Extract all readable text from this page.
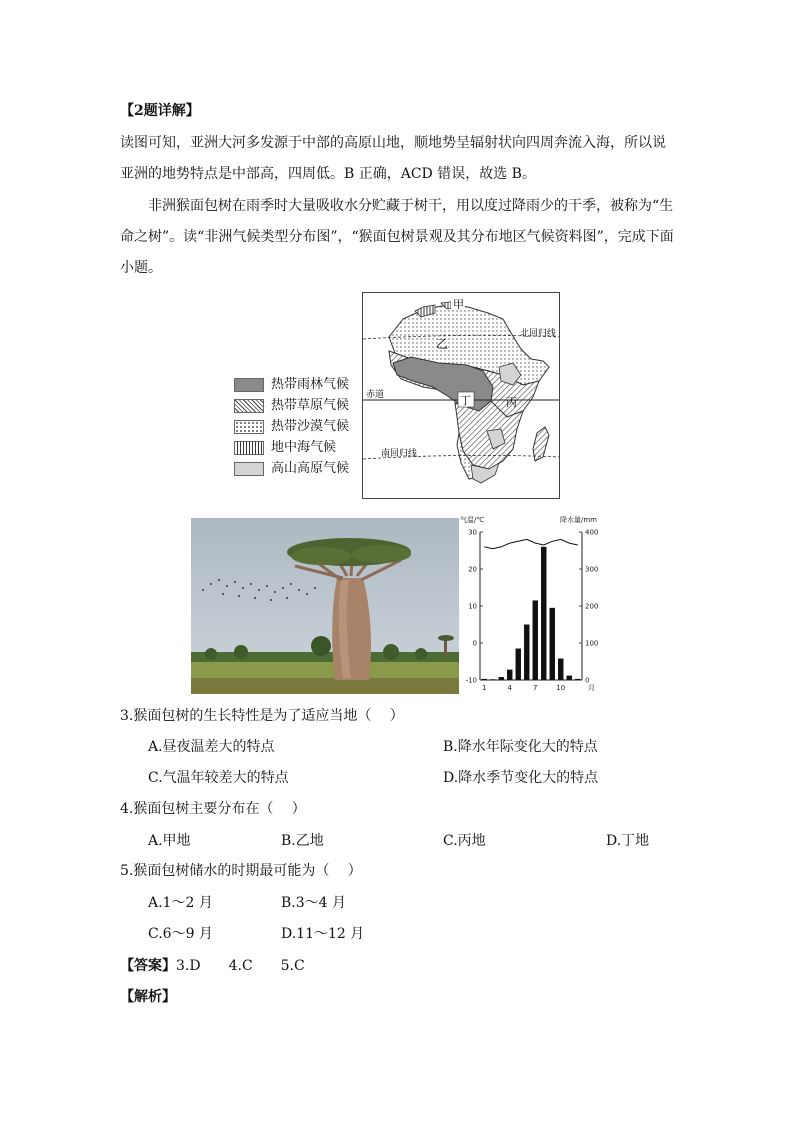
【2题详解】
读图可知，亚洲大河多发源于中部的高原山地，顺地势呈辐射状向四周奔流入海，所以说
亚洲的地势特点是中部高，四周低。B 正确，ACD 错误，故选 B。
非洲猴面包树在雨季时大量吸收水分贮藏于树干，用以度过降雨少的干季，被称为“生
命之树”。读“非洲气候类型分布图”，“猴面包树景观及其分布地区气候资料图”，完成下面
小题。
热带雨林气候
热带草原气候
热带沙漠气候
地中海气候
高山高原气候
甲
乙
丁	丙
北回归线
赤道
南回归线
气温/℃	降水量/mm
30
20
10
0
-10
400
300
200
100
0
1	4	7	10	月
3.猴面包树的生长特性是为了适应当地（　 ）
A.昼夜温差大的特点	B.降水年际变化大的特点
C.气温年较差大的特点	D.降水季节变化大的特点
4.猴面包树主要分布在（　 ）
A.甲地	B.乙地	C.丙地	D.丁地
5.猴面包树储水的时期最可能为（　 ）
A.1～2 月	B.3～4 月
C.6～9 月	D.11～12 月
【答案】3.D　　4.C　　5.C
【解析】
